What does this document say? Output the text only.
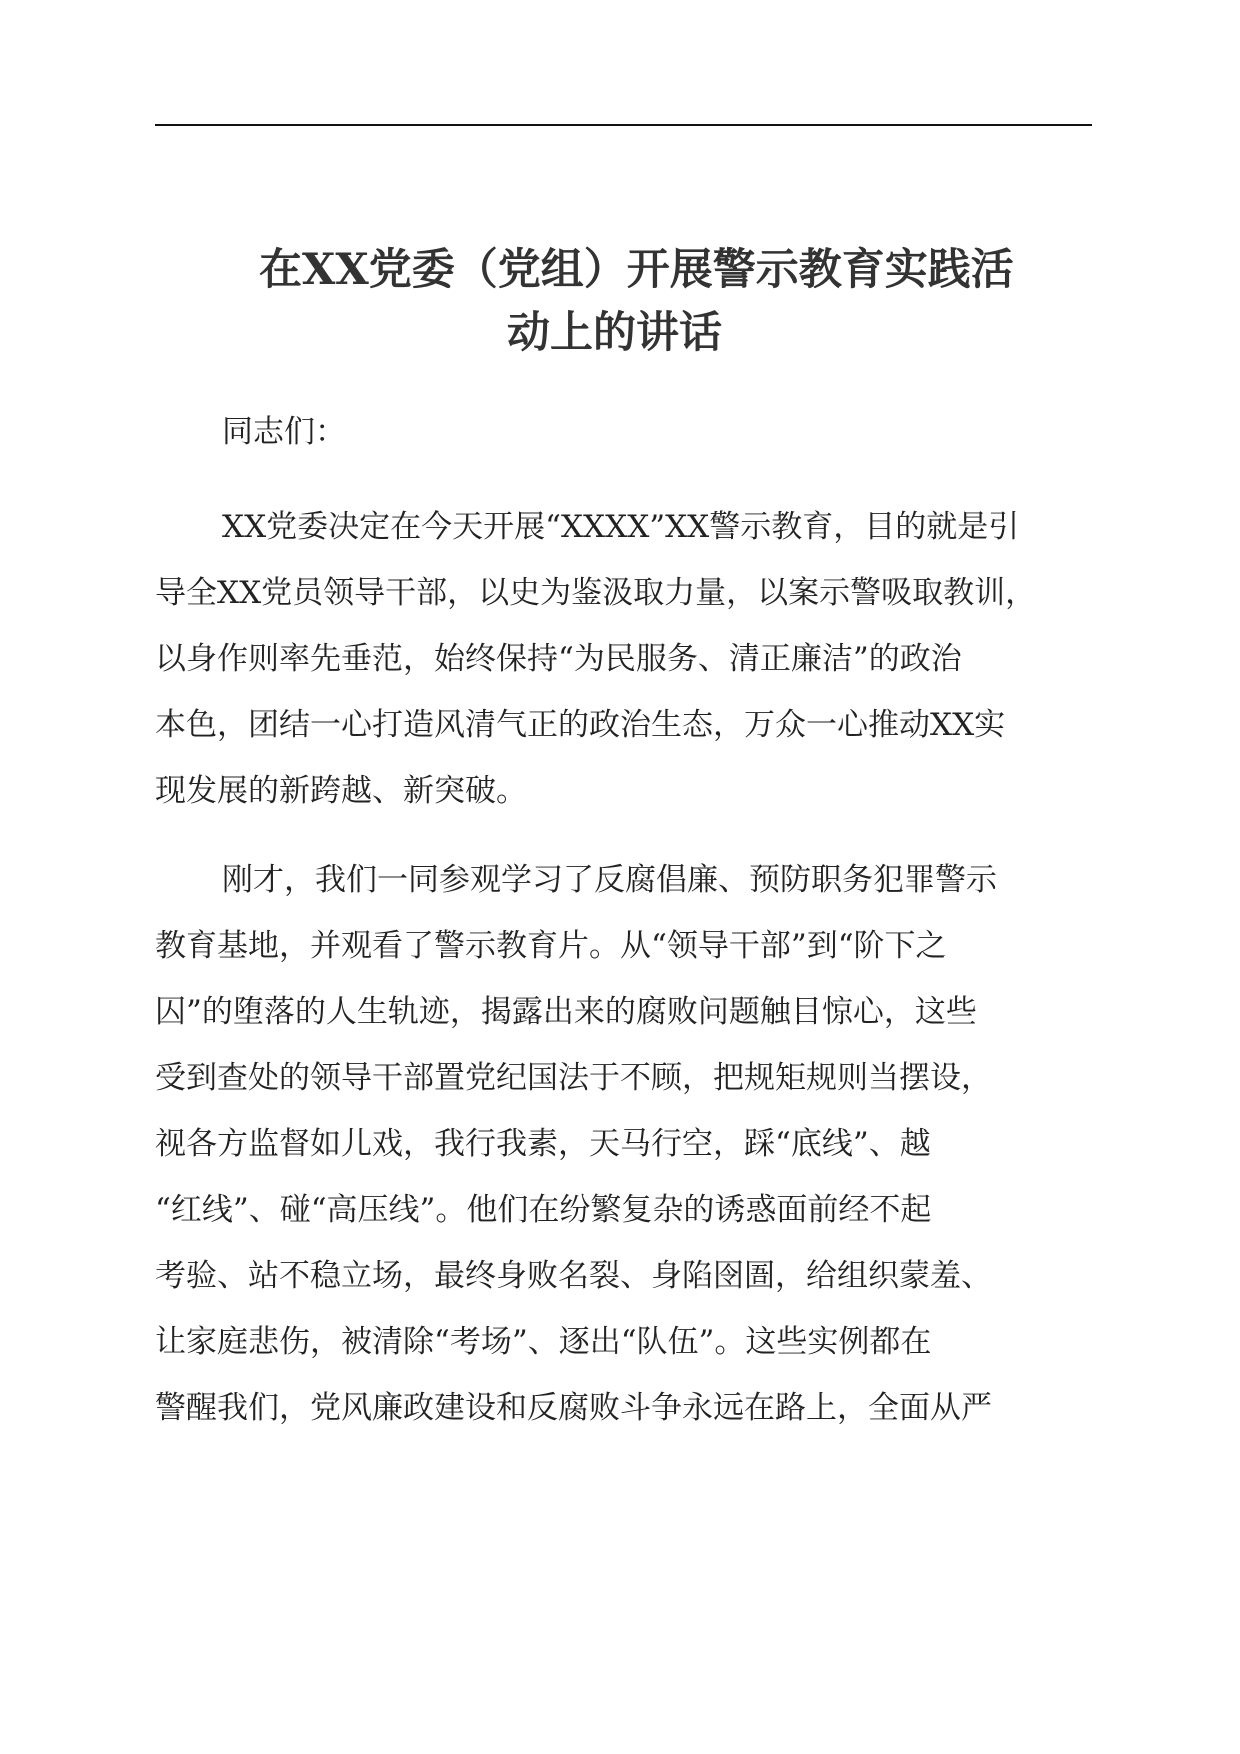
在XX党委（党组）开展警示教育实践活
动上的讲话
同志们：
XX党委决定在今天开展“XXXX”XX警示教育，目的就是引
导全XX党员领导干部，以史为鉴汲取力量，以案示警吸取教训，
以身作则率先垂范，始终保持“为民服务、清正廉洁”的政治
本色，团结一心打造风清气正的政治生态，万众一心推动XX实
现发展的新跨越、新突破。
刚才，我们一同参观学习了反腐倡廉、预防职务犯罪警示
教育基地，并观看了警示教育片。从“领导干部”到“阶下之
囚”的堕落的人生轨迹，揭露出来的腐败问题触目惊心，这些
受到查处的领导干部置党纪国法于不顾，把规矩规则当摆设，
视各方监督如儿戏，我行我素，天马行空，踩“底线”、越
“红线”、碰“高压线”。他们在纷繁复杂的诱惑面前经不起
考验、站不稳立场，最终身败名裂、身陷囹圄，给组织蒙羞、
让家庭悲伤，被清除“考场”、逐出“队伍”。这些实例都在
警醒我们，党风廉政建设和反腐败斗争永远在路上，全面从严
